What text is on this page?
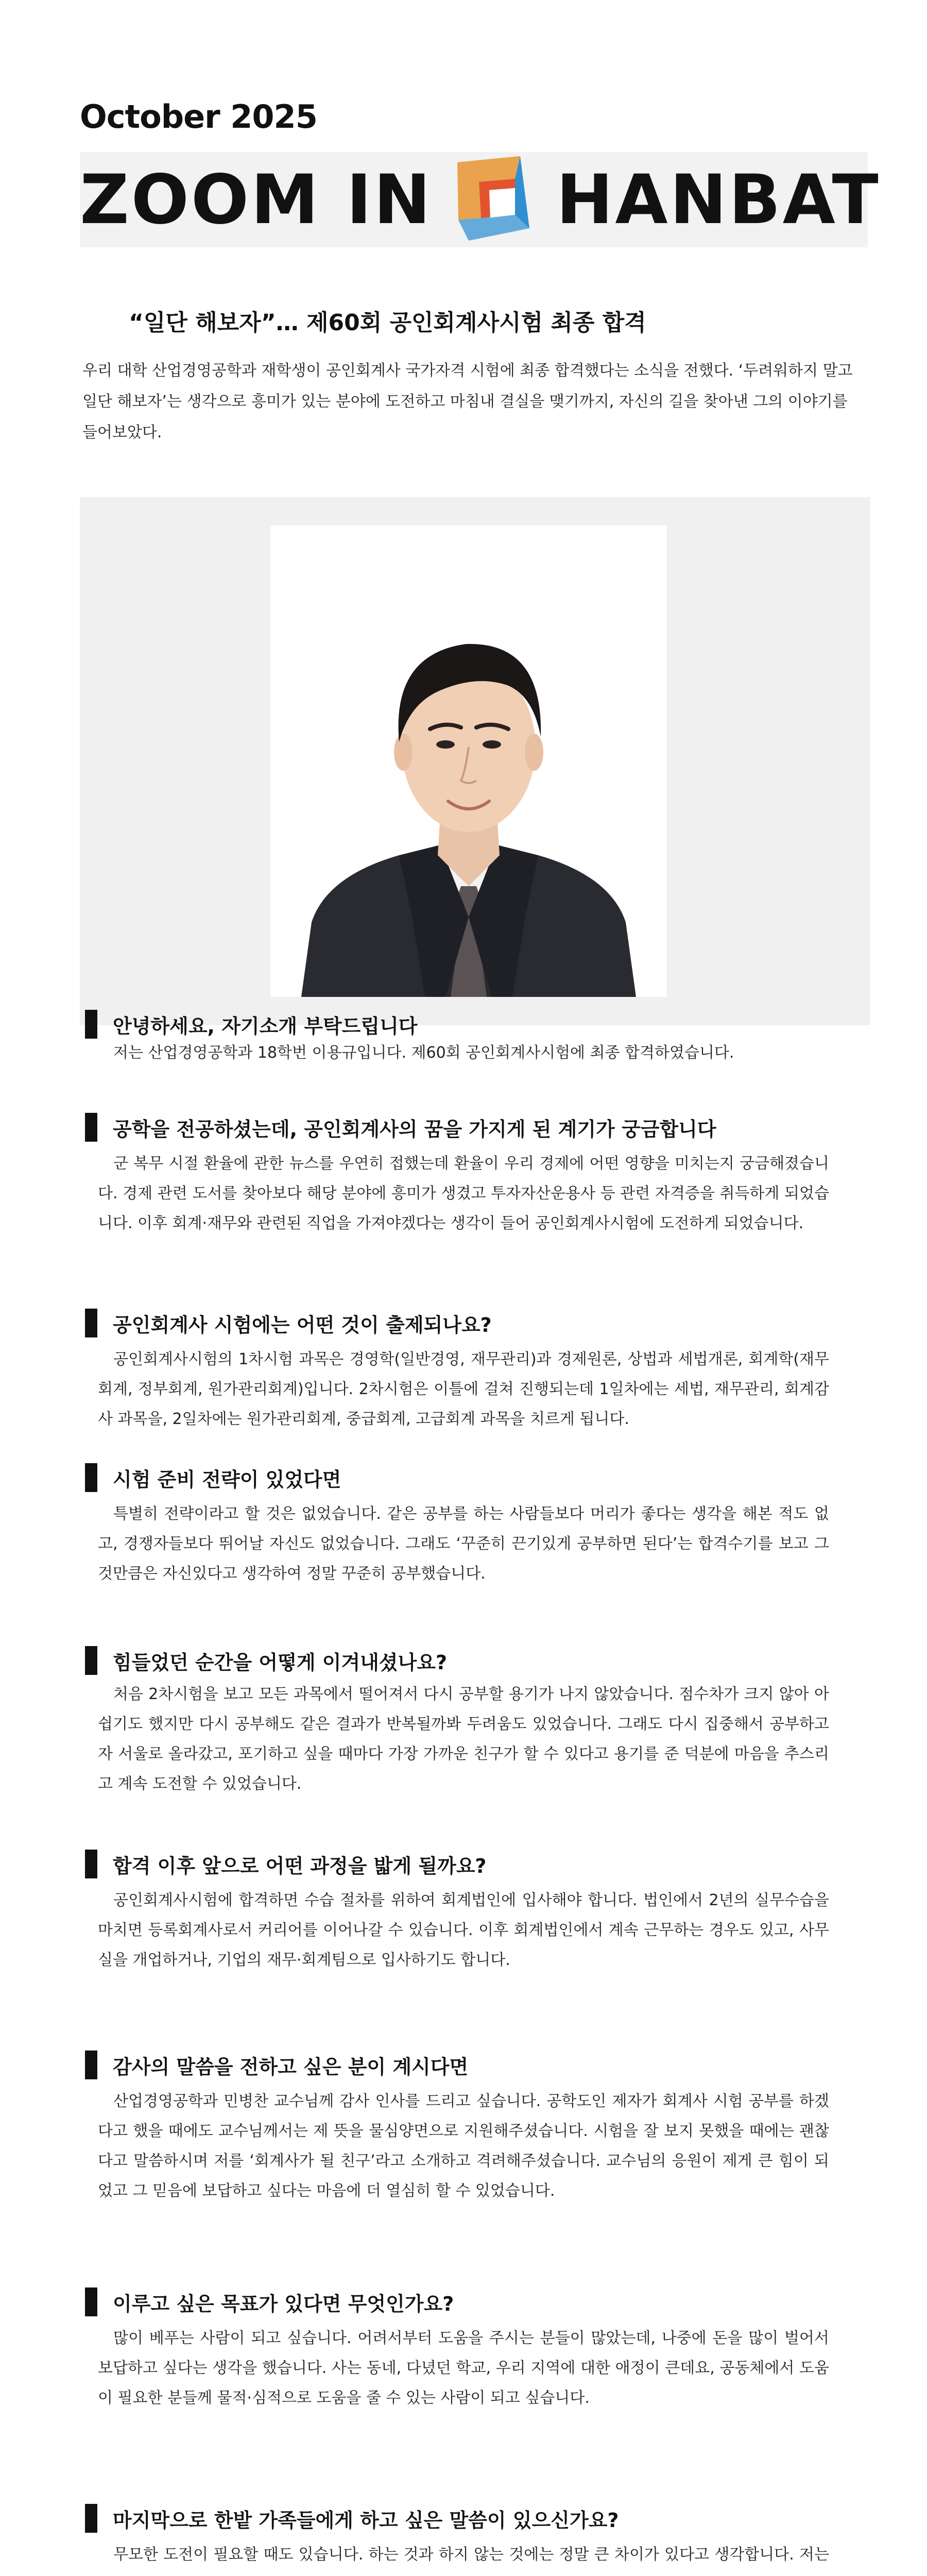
October 2025
ZOOM IN HANBAT
“일단 해보자”… 제60회 공인회계사시험 최종 합격
우리 대학 산업경영공학과 재학생이 공인회계사 국가자격 시험에 최종 합격했다는 소식을 전했다. ‘두려워하지 말고 일단 해보자’는 생각으로 흥미가 있는 분야에 도전하고 마침내 결실을 맺기까지, 자신의 길을 찾아낸 그의 이야기를 들어보았다.
안녕하세요, 자기소개 부탁드립니다
저는 산업경영공학과 18학번 이용규입니다. 제60회 공인회계사시험에 최종 합격하였습니다.
공학을 전공하셨는데, 공인회계사의 꿈을 가지게 된 계기가 궁금합니다
군 복무 시절 환율에 관한 뉴스를 우연히 접했는데 환율이 우리 경제에 어떤 영향을 미치는지 궁금해졌습니다. 경제 관련 도서를 찾아보다 해당 분야에 흥미가 생겼고 투자자산운용사 등 관련 자격증을 취득하게 되었습니다. 이후 회계·재무와 관련된 직업을 가져야겠다는 생각이 들어 공인회계사시험에 도전하게 되었습니다.
공인회계사 시험에는 어떤 것이 출제되나요?
공인회계사시험의 1차시험 과목은 경영학(일반경영, 재무관리)과 경제원론, 상법과 세법개론, 회계학(재무회계, 정부회계, 원가관리회계)입니다. 2차시험은 이틀에 걸쳐 진행되는데 1일차에는 세법, 재무관리, 회계감사 과목을, 2일차에는 원가관리회계, 중급회계, 고급회계 과목을 치르게 됩니다.
시험 준비 전략이 있었다면
특별히 전략이라고 할 것은 없었습니다. 같은 공부를 하는 사람들보다 머리가 좋다는 생각을 해본 적도 없고, 경쟁자들보다 뛰어날 자신도 없었습니다. 그래도 ‘꾸준히 끈기있게 공부하면 된다’는 합격수기를 보고 그것만큼은 자신있다고 생각하여 정말 꾸준히 공부했습니다.
힘들었던 순간을 어떻게 이겨내셨나요?
처음 2차시험을 보고 모든 과목에서 떨어져서 다시 공부할 용기가 나지 않았습니다. 점수차가 크지 않아 아쉽기도 했지만 다시 공부해도 같은 결과가 반복될까봐 두려움도 있었습니다. 그래도 다시 집중해서 공부하고자 서울로 올라갔고, 포기하고 싶을 때마다 가장 가까운 친구가 할 수 있다고 용기를 준 덕분에 마음을 추스리고 계속 도전할 수 있었습니다.
합격 이후 앞으로 어떤 과정을 밟게 될까요?
공인회계사시험에 합격하면 수습 절차를 위하여 회계법인에 입사해야 합니다. 법인에서 2년의 실무수습을 마치면 등록회계사로서 커리어를 이어나갈 수 있습니다. 이후 회계법인에서 계속 근무하는 경우도 있고, 사무실을 개업하거나, 기업의 재무·회계팀으로 입사하기도 합니다.
감사의 말씀을 전하고 싶은 분이 계시다면
산업경영공학과 민병찬 교수님께 감사 인사를 드리고 싶습니다. 공학도인 제자가 회계사 시험 공부를 하겠다고 했을 때에도 교수님께서는 제 뜻을 물심양면으로 지원해주셨습니다. 시험을 잘 보지 못했을 때에는 괜찮다고 말씀하시며 저를 ‘회계사가 될 친구’라고 소개하고 격려해주셨습니다. 교수님의 응원이 제게 큰 힘이 되었고 그 믿음에 보답하고 싶다는 마음에 더 열심히 할 수 있었습니다.
이루고 싶은 목표가 있다면 무엇인가요?
많이 베푸는 사람이 되고 싶습니다. 어려서부터 도움을 주시는 분들이 많았는데, 나중에 돈을 많이 벌어서 보답하고 싶다는 생각을 했습니다. 사는 동네, 다녔던 학교, 우리 지역에 대한 애정이 큰데요, 공동체에서 도움이 필요한 분들께 물적·심적으로 도움을 줄 수 있는 사람이 되고 싶습니다.
마지막으로 한밭 가족들에게 하고 싶은 말씀이 있으신가요?
무모한 도전이 필요할 때도 있습니다. 하는 것과 하지 않는 것에는 정말 큰 차이가 있다고 생각합니다. 저는
